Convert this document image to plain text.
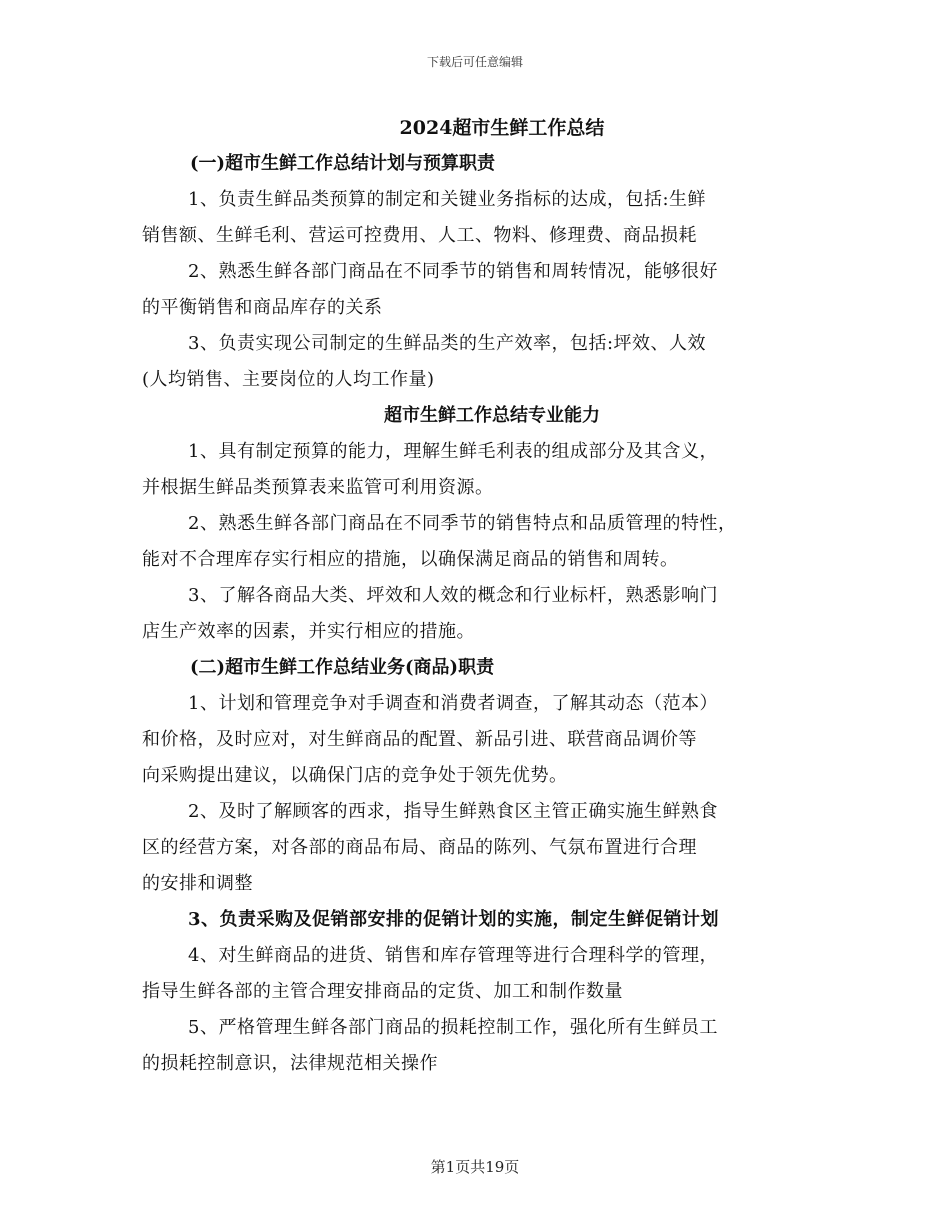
下载后可任意编辑
2024超市生鲜工作总结
(一)超市生鲜工作总结计划与预算职责
1、负责生鲜品类预算的制定和关键业务指标的达成，包括:生鲜
销售额、生鲜毛利、营运可控费用、人工、物料、修理费、商品损耗
2、熟悉生鲜各部门商品在不同季节的销售和周转情况，能够很好
的平衡销售和商品库存的关系
3、负责实现公司制定的生鲜品类的生产效率，包括:坪效、人效
(人均销售、主要岗位的人均工作量)
超市生鲜工作总结专业能力
1、具有制定预算的能力，理解生鲜毛利表的组成部分及其含义，
并根据生鲜品类预算表来监管可利用资源。
2、熟悉生鲜各部门商品在不同季节的销售特点和品质管理的特性，
能对不合理库存实行相应的措施，以确保满足商品的销售和周转。
3、了解各商品大类、坪效和人效的概念和行业标杆，熟悉影响门
店生产效率的因素，并实行相应的措施。
(二)超市生鲜工作总结业务(商品)职责
1、计划和管理竞争对手调查和消费者调查，了解其动态（范本）
和价格，及时应对，对生鲜商品的配置、新品引进、联营商品调价等
向采购提出建议，以确保门店的竞争处于领先优势。
2、及时了解顾客的西求，指导生鲜熟食区主管正确实施生鲜熟食
区的经营方案，对各部的商品布局、商品的陈列、气氛布置进行合理
的安排和调整
3、负责采购及促销部安排的促销计划的实施，制定生鲜促销计划
4、对生鲜商品的进货、销售和库存管理等进行合理科学的管理，
指导生鲜各部的主管合理安排商品的定货、加工和制作数量
5、严格管理生鲜各部门商品的损耗控制工作，强化所有生鲜员工
的损耗控制意识，法律规范相关操作
第1页共19页
